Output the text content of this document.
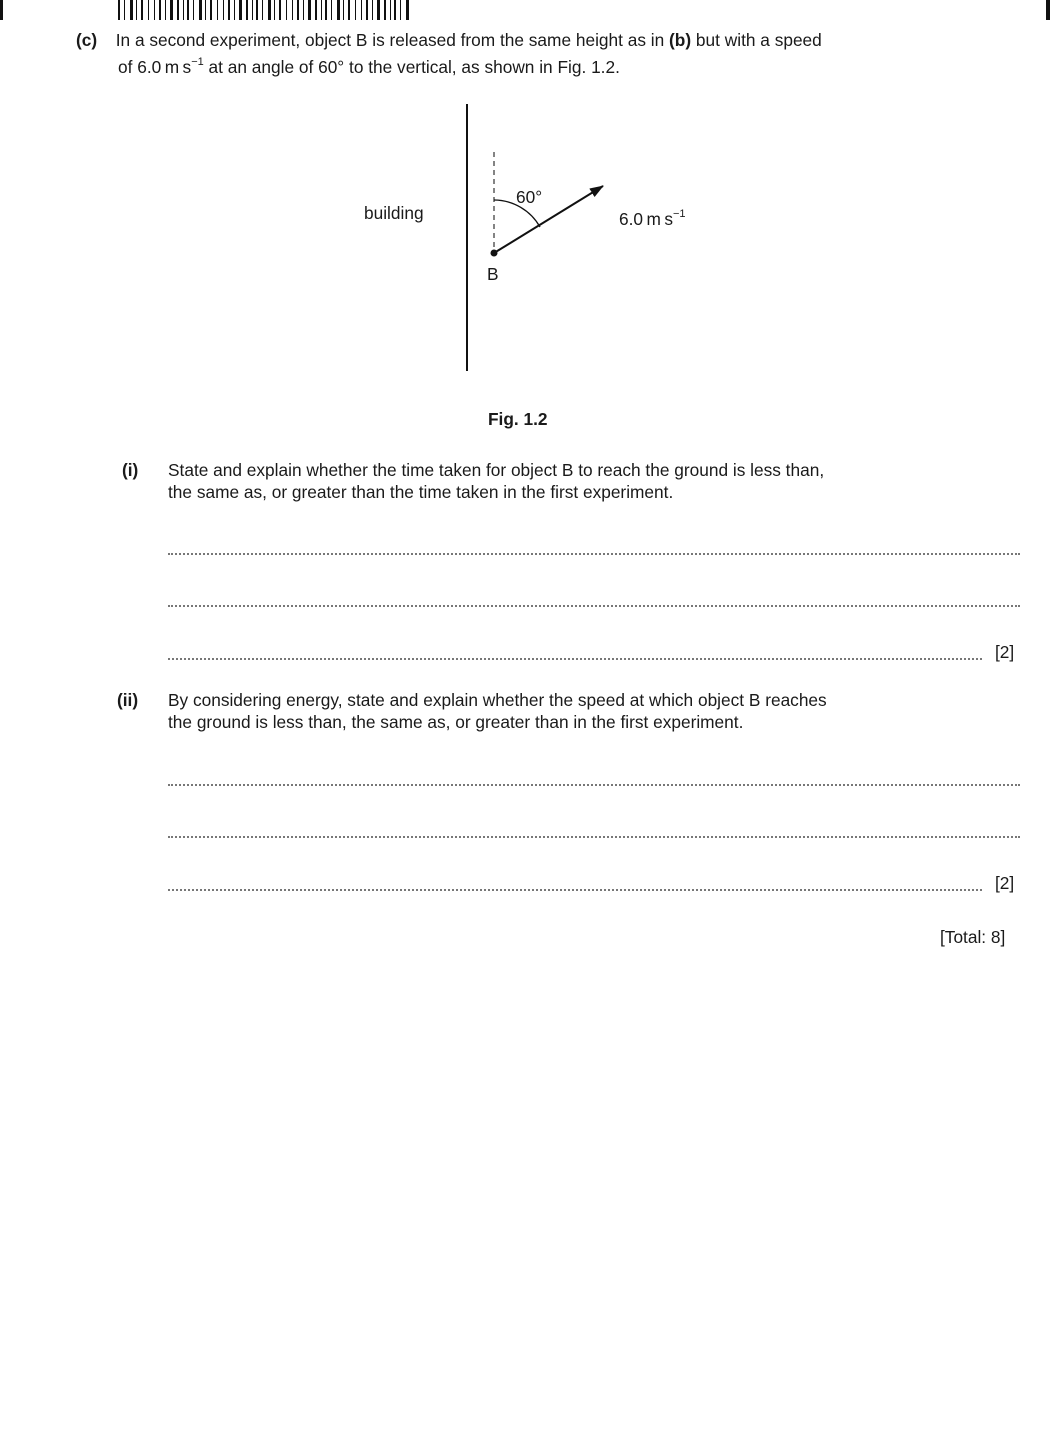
(c) In a second experiment, object B is released from the same height as in (b) but with a speed
of 6.0 m $s^{-1}$ at an angle of 60° to the vertical, as shown in Fig. 1.2.
building
60°
6.0 m $s^{-1}$
B
Fig. 1.2
(i) State and explain whether the time taken for object B to reach the ground is less than,
the same as, or greater than the time taken in the first experiment.
[2]
(ii) By considering energy, state and explain whether the speed at which object B reaches
the ground is less than, the same as, or greater than in the first experiment.
[2]
[Total: 8]
